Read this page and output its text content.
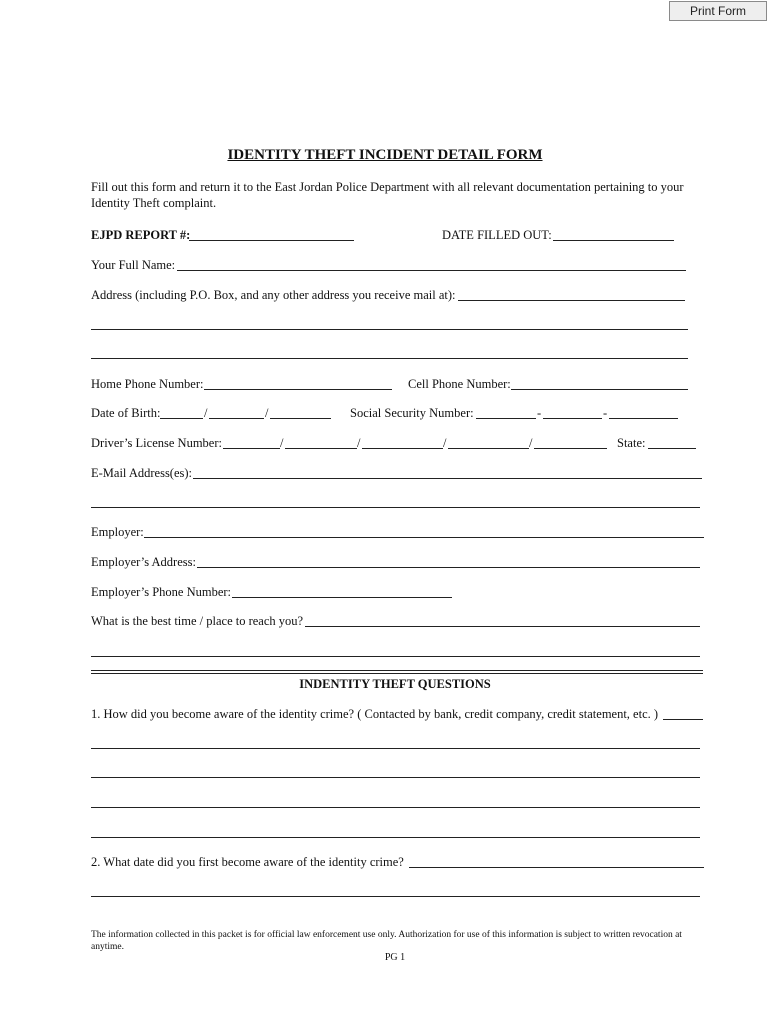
Print Form
IDENTITY THEFT INCIDENT DETAIL FORM

Fill out this form and return it to the East Jordan Police Department with all relevant documentation pertaining to your Identity Theft complaint.

EJPD REPORT #:	DATE FILLED OUT:
Your Full Name:
Address (including P.O. Box, and any other address you receive mail at):
Home Phone Number:	Cell Phone Number:
Date of Birth:	/	/	Social Security Number:	-	-
Driver’s License Number:	/	/	/	/	State:
E-Mail Address(es):
Employer:
Employer’s Address:
Employer’s Phone Number:
What is the best time / place to reach you?
INDENTITY THEFT QUESTIONS
1. How did you become aware of the identity crime? ( Contacted by bank, credit company, credit statement, etc. )
2. What date did you first become aware of the identity crime?

The information collected in this packet is for official law enforcement use only. Authorization for use of this information is subject to written revocation at anytime.

PG 1
